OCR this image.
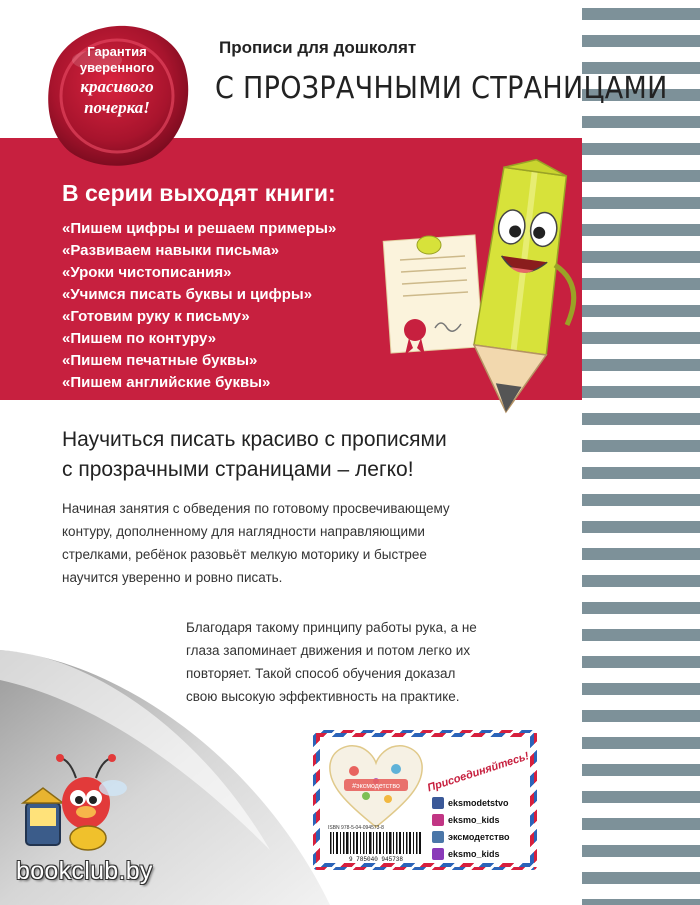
Гарантия
уверенного
красивого
почерка!
Прописи для дошколят
С ПРОЗРАЧНЫМИ СТРАНИЦАМИ
В серии выходят книги:
«Пишем цифры и решаем примеры»
«Развиваем навыки письма»
«Уроки чистописания»
«Учимся писать буквы и цифры»
«Готовим руку к письму»
«Пишем по контуру»
«Пишем печатные буквы»
«Пишем английские буквы»
Научиться писать красиво с прописями
с прозрачными страницами – легко!
Начиная занятия с обведения по готовому просвечивающему
контуру, дополненному для наглядности направляющими
стрелками, ребёнок разовьёт мелкую моторику и быстрее
научится уверенно и ровно писать.
Благодаря такому принципу работы рука, а не
глаза запоминает движения и потом легко их
повторяет. Такой способ обучения доказал
свою высокую эффективность на практике.
#эксмодетство Присоединяйтесь!
eksmodetstvo
eksmo_kids
эксмодетство
eksmo_kids
ISBN 978-5-04-094573-8
9 785040 945738
bookclub.by
